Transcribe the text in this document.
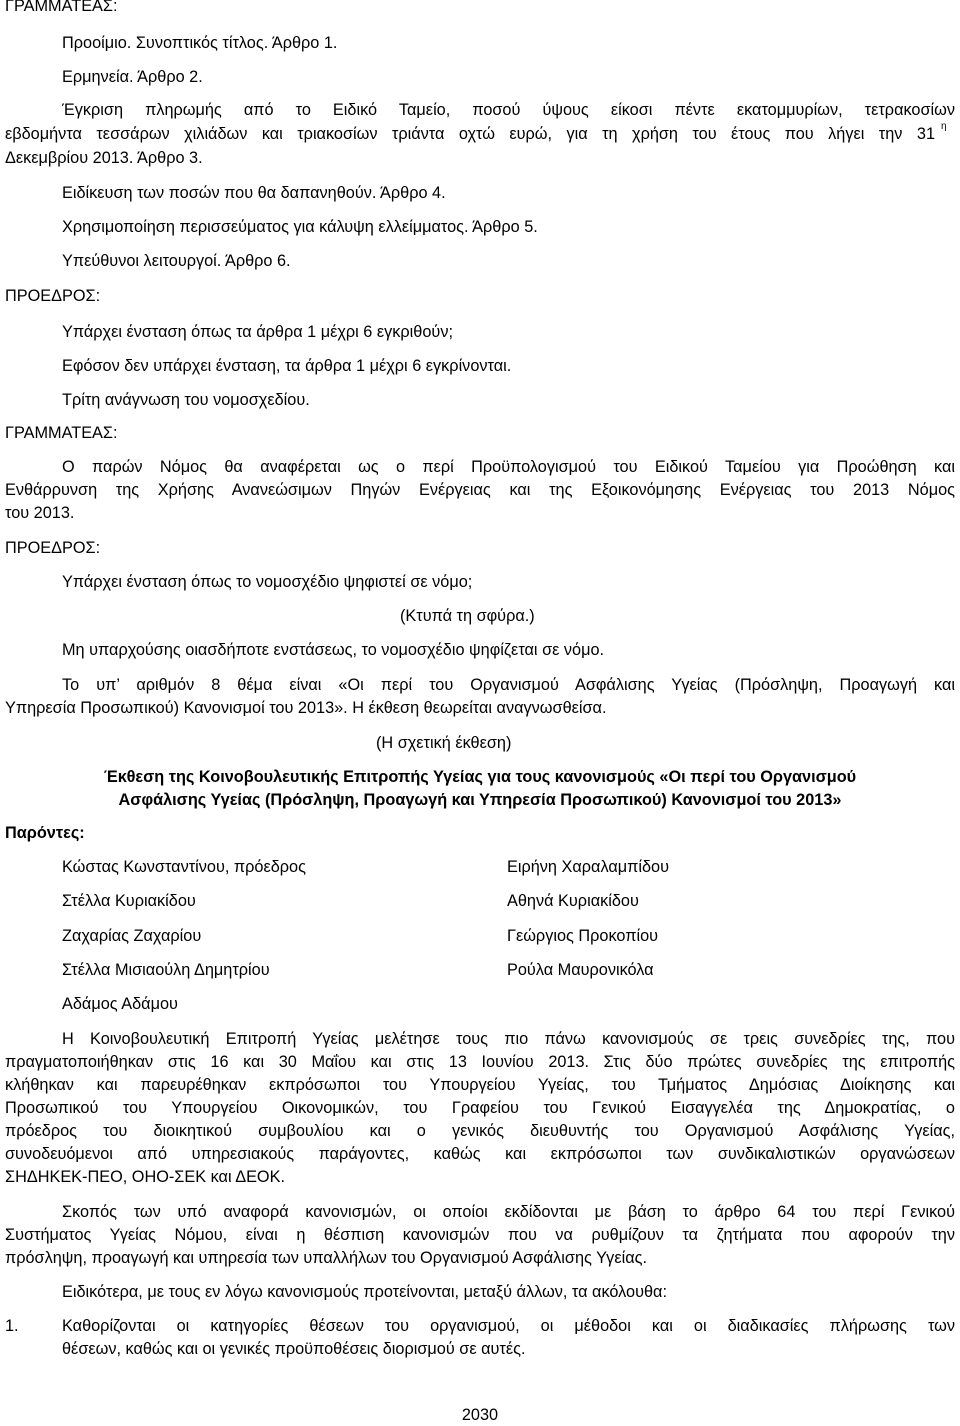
ΓΡΑΜΜΑΤΕΑΣ:

Προοίμιο. Συνοπτικός τίτλος. Άρθρο 1.

Ερμηνεία. Άρθρο 2.

Έγκριση πληρωμής από το Ειδικό Ταμείο, ποσού ύψους είκοσι πέντε εκατομμυρίων, τετρακοσίων

εβδομήντα τεσσάρων χιλιάδων και τριακοσίων τριάντα οχτώ ευρώ, για τη χρήση του έτους που λήγει την 31 η

Δεκεμβρίου 2013. Άρθρο 3.

Ειδίκευση των ποσών που θα δαπανηθούν. Άρθρο 4.

Χρησιμοποίηση περισσεύματος για κάλυψη ελλείμματος. Άρθρο 5.

Υπεύθυνοι λειτουργοί. Άρθρο 6.

ΠΡΟΕΔΡΟΣ:

Υπάρχει ένσταση όπως τα άρθρα 1 μέχρι 6 εγκριθούν;

Εφόσον δεν υπάρχει ένσταση, τα άρθρα 1 μέχρι 6 εγκρίνονται.

Τρίτη ανάγνωση του νομοσχεδίου.

ΓΡΑΜΜΑΤΕΑΣ:

Ο παρών Νόμος θα αναφέρεται ως ο περί Προϋπολογισμού του Ειδικού Ταμείου για Προώθηση και

Ενθάρρυνση της Χρήσης Ανανεώσιμων Πηγών Ενέργειας και της Εξοικονόμησης Ενέργειας του 2013 Νόμος

του 2013.

ΠΡΟΕΔΡΟΣ:

Υπάρχει ένσταση όπως το νομοσχέδιο ψηφιστεί σε νόμο;

(Κτυπά τη σφύρα.)

Μη υπαρχούσης οιασδήποτε ενστάσεως, το νομοσχέδιο ψηφίζεται σε νόμο.

Το υπ’ αριθμόν 8 θέμα είναι «Οι περί του Οργανισμού Ασφάλισης Υγείας (Πρόσληψη, Προαγωγή και

Υπηρεσία Προσωπικού) Κανονισμοί του 2013». Η έκθεση θεωρείται αναγνωσθείσα.

(Η σχετική έκθεση)

Έκθεση της Κοινοβουλευτικής Επιτροπής Υγείας για τους κανονισμούς «Οι περί του Οργανισμού

Ασφάλισης Υγείας (Πρόσληψη, Προαγωγή και Υπηρεσία Προσωπικού) Κανονισμοί του 2013»

Παρόντες:

Κώστας Κωνσταντίνου, πρόεδρος

Στέλλα Κυριακίδου

Ζαχαρίας Ζαχαρίου

Στέλλα Μισιαούλη Δημητρίου

Αδάμος Αδάμου

Ειρήνη Χαραλαμπίδου

Αθηνά Κυριακίδου

Γεώργιος Προκοπίου

Ρούλα Μαυρονικόλα

Η Κοινοβουλευτική Επιτροπή Υγείας μελέτησε τους πιο πάνω κανονισμούς σε τρεις συνεδρίες της, που

πραγματοποιήθηκαν στις 16 και 30 Μαΐου και στις 13 Ιουνίου 2013. Στις δύο πρώτες συνεδρίες της επιτροπής

κλήθηκαν και παρευρέθηκαν εκπρόσωποι του Υπουργείου Υγείας, του Τμήματος Δημόσιας Διοίκησης και

Προσωπικού του Υπουργείου Οικονομικών, του Γραφείου του Γενικού Εισαγγελέα της Δημοκρατίας, ο

πρόεδρος του διοικητικού συμβουλίου και ο γενικός διευθυντής του Οργανισμού Ασφάλισης Υγείας,

συνοδευόμενοι από υπηρεσιακούς παράγοντες, καθώς και εκπρόσωποι των συνδικαλιστικών οργανώσεων

ΣΗΔΗΚΕΚ-ΠΕΟ, ΟΗΟ-ΣΕΚ και ΔΕΟΚ.

Σκοπός των υπό αναφορά κανονισμών, οι οποίοι εκδίδονται με βάση το άρθρο 64 του περί Γενικού

Συστήματος Υγείας Νόμου, είναι η θέσπιση κανονισμών που να ρυθμίζουν τα ζητήματα που αφορούν την

πρόσληψη, προαγωγή και υπηρεσία των υπαλλήλων του Οργανισμού Ασφάλισης Υγείας.

Ειδικότερα, με τους εν λόγω κανονισμούς προτείνονται, μεταξύ άλλων, τα ακόλουθα:

1.	Καθορίζονται οι κατηγορίες θέσεων του οργανισμού, οι μέθοδοι και οι διαδικασίες πλήρωσης των

θέσεων, καθώς και οι γενικές προϋποθέσεις διορισμού σε αυτές.

2030
